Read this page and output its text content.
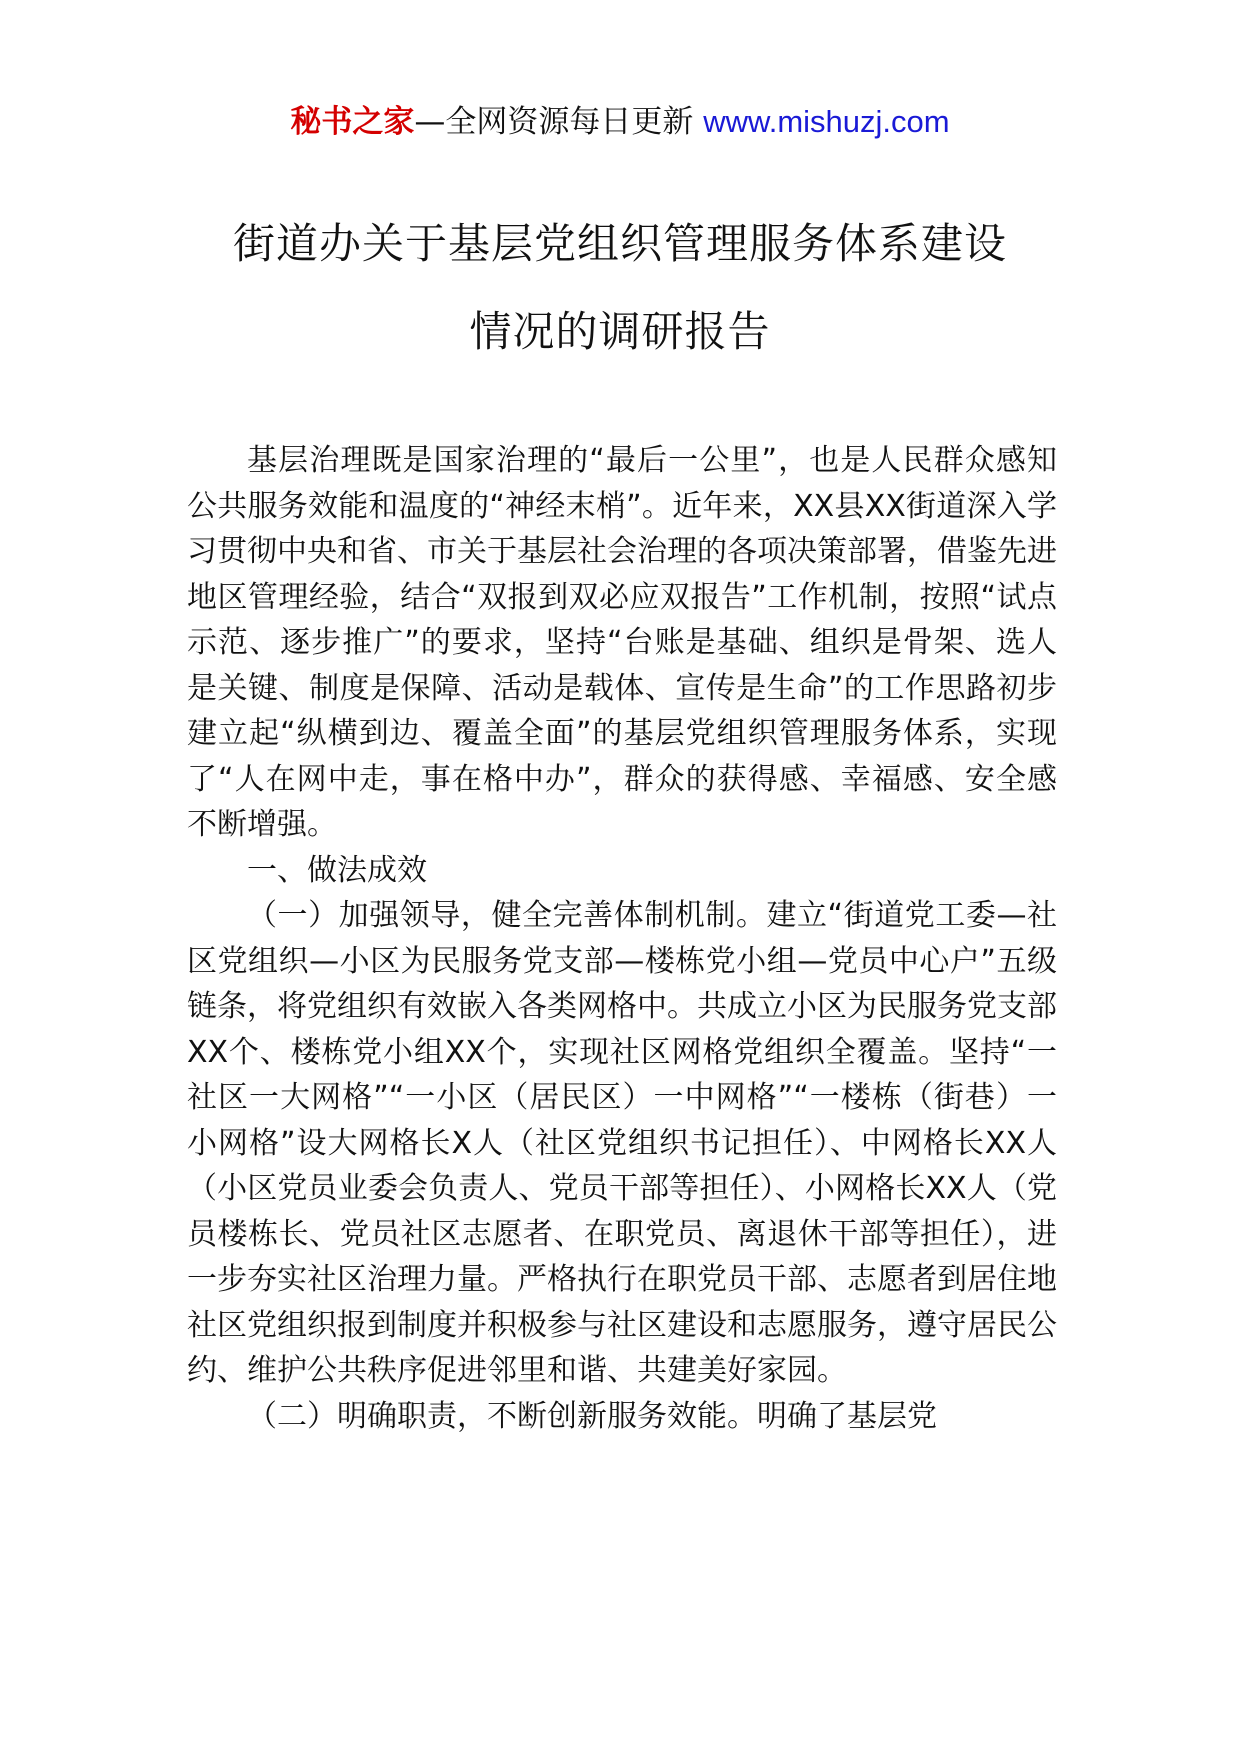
秘书之家—全网资源每日更新 www.mishuzj.com
街道办关于基层党组织管理服务体系建设
情况的调研报告

基层治理既是国家治理的“最后一公里”，也是人民群众感知公共服务效能和温度的“神经末梢”。近年来，XX县XX街道深入学习贯彻中央和省、市关于基层社会治理的各项决策部署，借鉴先进地区管理经验，结合“双报到双必应双报告”工作机制，按照“试点示范、逐步推广”的要求，坚持“台账是基础、组织是骨架、选人是关键、制度是保障、活动是载体、宣传是生命”的工作思路初步建立起“纵横到边、覆盖全面”的基层党组织管理服务体系，实现了“人在网中走，事在格中办”，群众的获得感、幸福感、安全感不断增强。

一、做法成效

（一）加强领导，健全完善体制机制。建立“街道党工委—社区党组织—小区为民服务党支部—楼栋党小组—党员中心户”五级链条，将党组织有效嵌入各类网格中。共成立小区为民服务党支部XX个、楼栋党小组XX个，实现社区网格党组织全覆盖。坚持“一社区一大网格”“一小区（居民区）一中网格”“一楼栋（街巷）一小网格”设大网格长X人（社区党组织书记担任）、中网格长XX人（小区党员业委会负责人、党员干部等担任）、小网格长XX人（党员楼栋长、党员社区志愿者、在职党员、离退休干部等担任），进一步夯实社区治理力量。严格执行在职党员干部、志愿者到居住地社区党组织报到制度并积极参与社区建设和志愿服务，遵守居民公约、维护公共秩序促进邻里和谐、共建美好家园。

（二）明确职责，不断创新服务效能。明确了基层党
